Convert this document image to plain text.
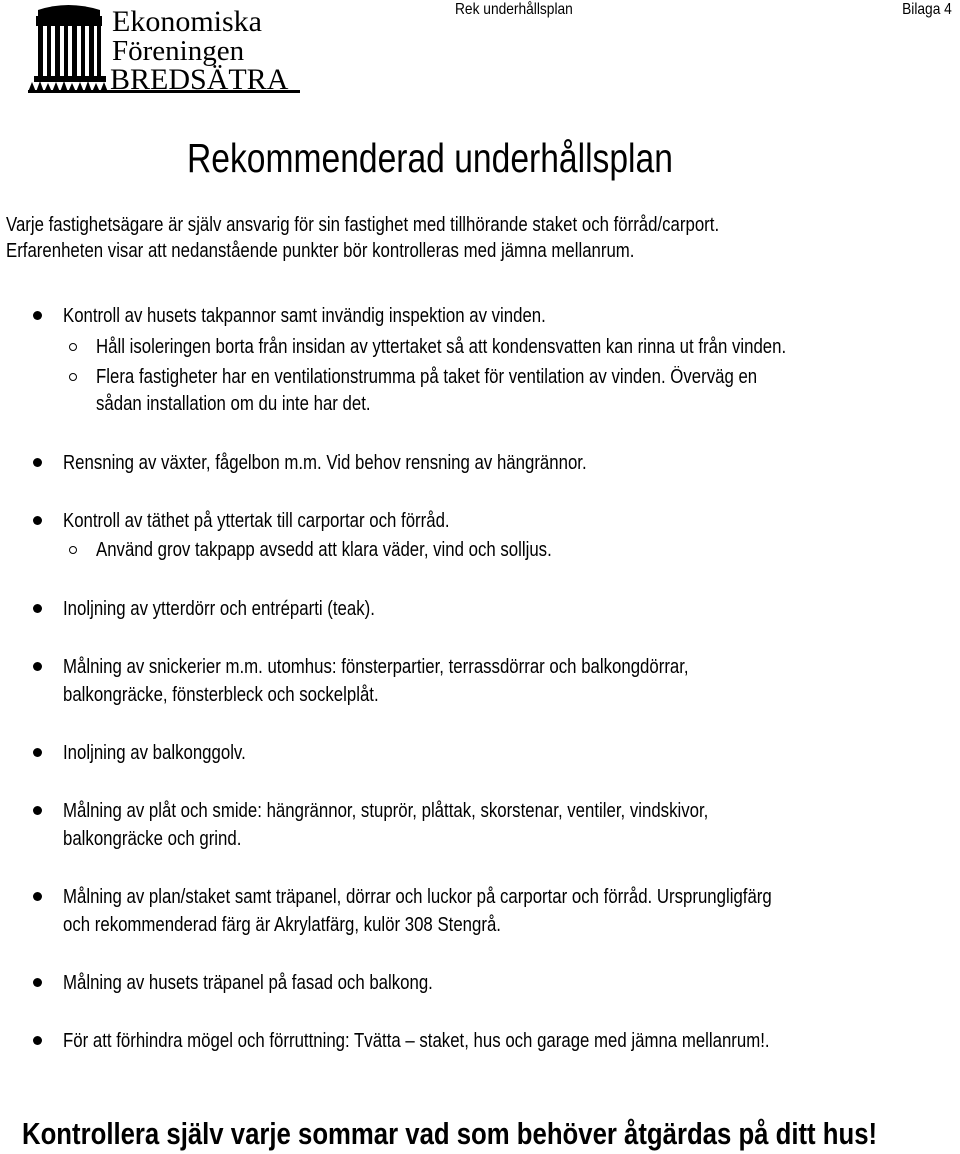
Ekonomiska
Föreningen
BREDSÄTRA
Rek underhållsplan	Bilaga 4
Rekommenderad underhållsplan
Varje fastighetsägare är själv ansvarig för sin fastighet med tillhörande staket och förråd/carport.
Erfarenheten visar att nedanstående punkter bör kontrolleras med jämna mellanrum.
Kontroll av husets takpannor samt invändig inspektion av vinden.
Håll isoleringen borta från insidan av yttertaket så att kondensvatten kan rinna ut från vinden.
Flera fastigheter har en ventilationstrumma på taket för ventilation av vinden. Överväg en
sådan installation om du inte har det.
Rensning av växter, fågelbon m.m. Vid behov rensning av hängrännor.
Kontroll av täthet på yttertak till carportar och förråd.
Använd grov takpapp avsedd att klara väder, vind och solljus.
Inoljning av ytterdörr och entréparti (teak).
Målning av snickerier m.m. utomhus: fönsterpartier, terrassdörrar och balkongdörrar,
balkongräcke, fönsterbleck och sockelplåt.
Inoljning av balkonggolv.
Målning av plåt och smide: hängrännor, stuprör, plåttak, skorstenar, ventiler, vindskivor,
balkongräcke och grind.
Målning av plan/staket samt träpanel, dörrar och luckor på carportar och förråd. Ursprungligfärg
och rekommenderad färg är Akrylatfärg, kulör 308 Stengrå.
Målning av husets träpanel på fasad och balkong.
För att förhindra mögel och förruttning: Tvätta – staket, hus och garage med jämna mellanrum!.
Kontrollera själv varje sommar vad som behöver åtgärdas på ditt hus!
